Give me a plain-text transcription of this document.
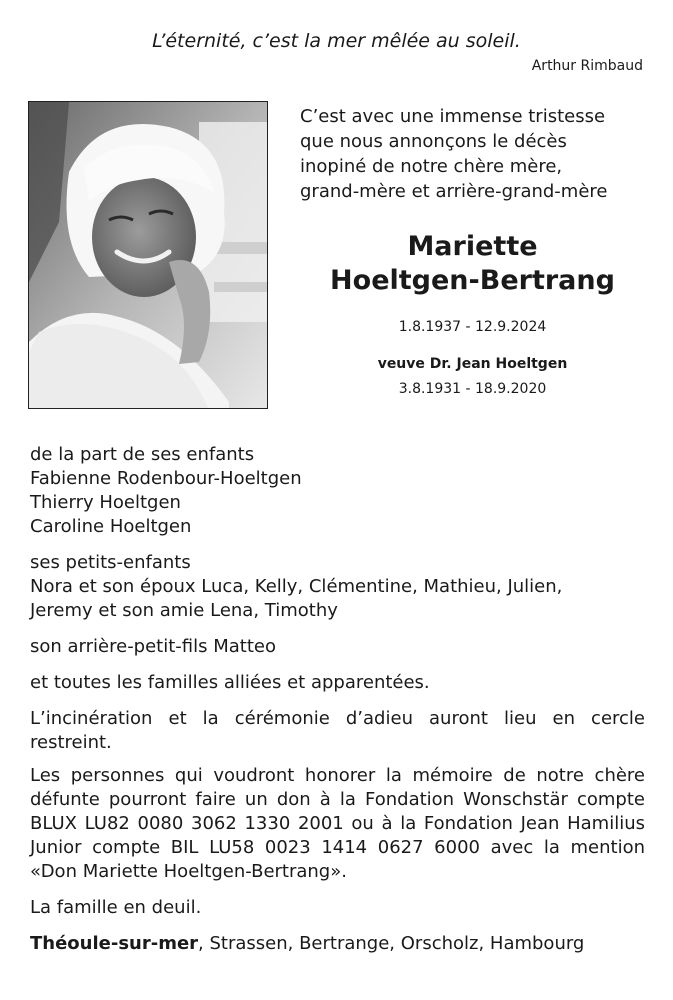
L’éternité, c’est la mer mêlée au soleil.
Arthur Rimbaud
C’est avec une immense tristesse
que nous annonçons le décès
inopiné de notre chère mère,
grand-mère et arrière-grand-mère
Mariette
Hoeltgen-Bertrang
1.8.1937 - 12.9.2024
veuve Dr. Jean Hoeltgen
3.8.1931 - 18.9.2020

de la part de ses enfants

Fabienne Rodenbour-Hoeltgen

Thierry Hoeltgen

Caroline Hoeltgen

ses petits-enfants

Nora et son époux Luca, Kelly, Clémentine, Mathieu, Julien,

Jeremy et son amie Lena, Timothy

son arrière-petit-fils Matteo

et toutes les familles alliées et apparentées.

L’incinération et la cérémonie d’adieu auront lieu en cercle restreint.

Les personnes qui voudront honorer la mémoire de notre chère défunte pourront faire un don à la Fondation Wonschstär compte BLUX LU82 0080 3062 1330 2001 ou à la Fondation Jean Hamilius Junior compte BIL LU58 0023 1414 0627 6000 avec la mention «Don Mariette Hoeltgen-Bertrang».

La famille en deuil.

Théoule-sur-mer, Strassen, Bertrange, Orscholz, Hambourg
